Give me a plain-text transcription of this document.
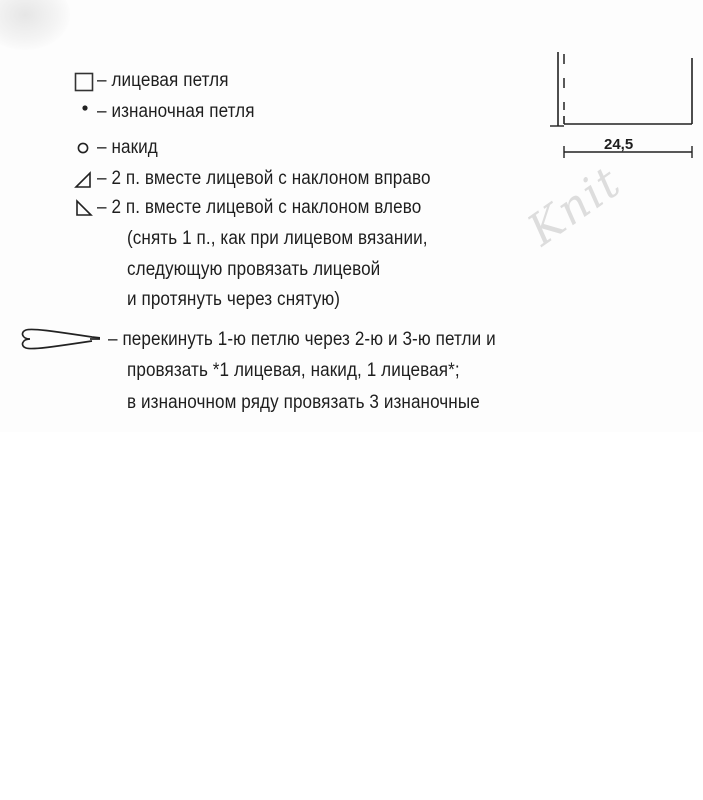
– лицевая петля
– изнаночная петля
– накид
– 2 п. вместе лицевой с наклоном вправо
– 2 п. вместе лицевой с наклоном влево
(снять 1 п., как при лицевом вязании,
следующую провязать лицевой
и протянуть через снятую)
– перекинуть 1-ю петлю через 2-ю и 3-ю петли и
провязать *1 лицевая, накид, 1 лицевая*;
в изнаночном ряду провязать 3 изнаночные
24,5
Knit
